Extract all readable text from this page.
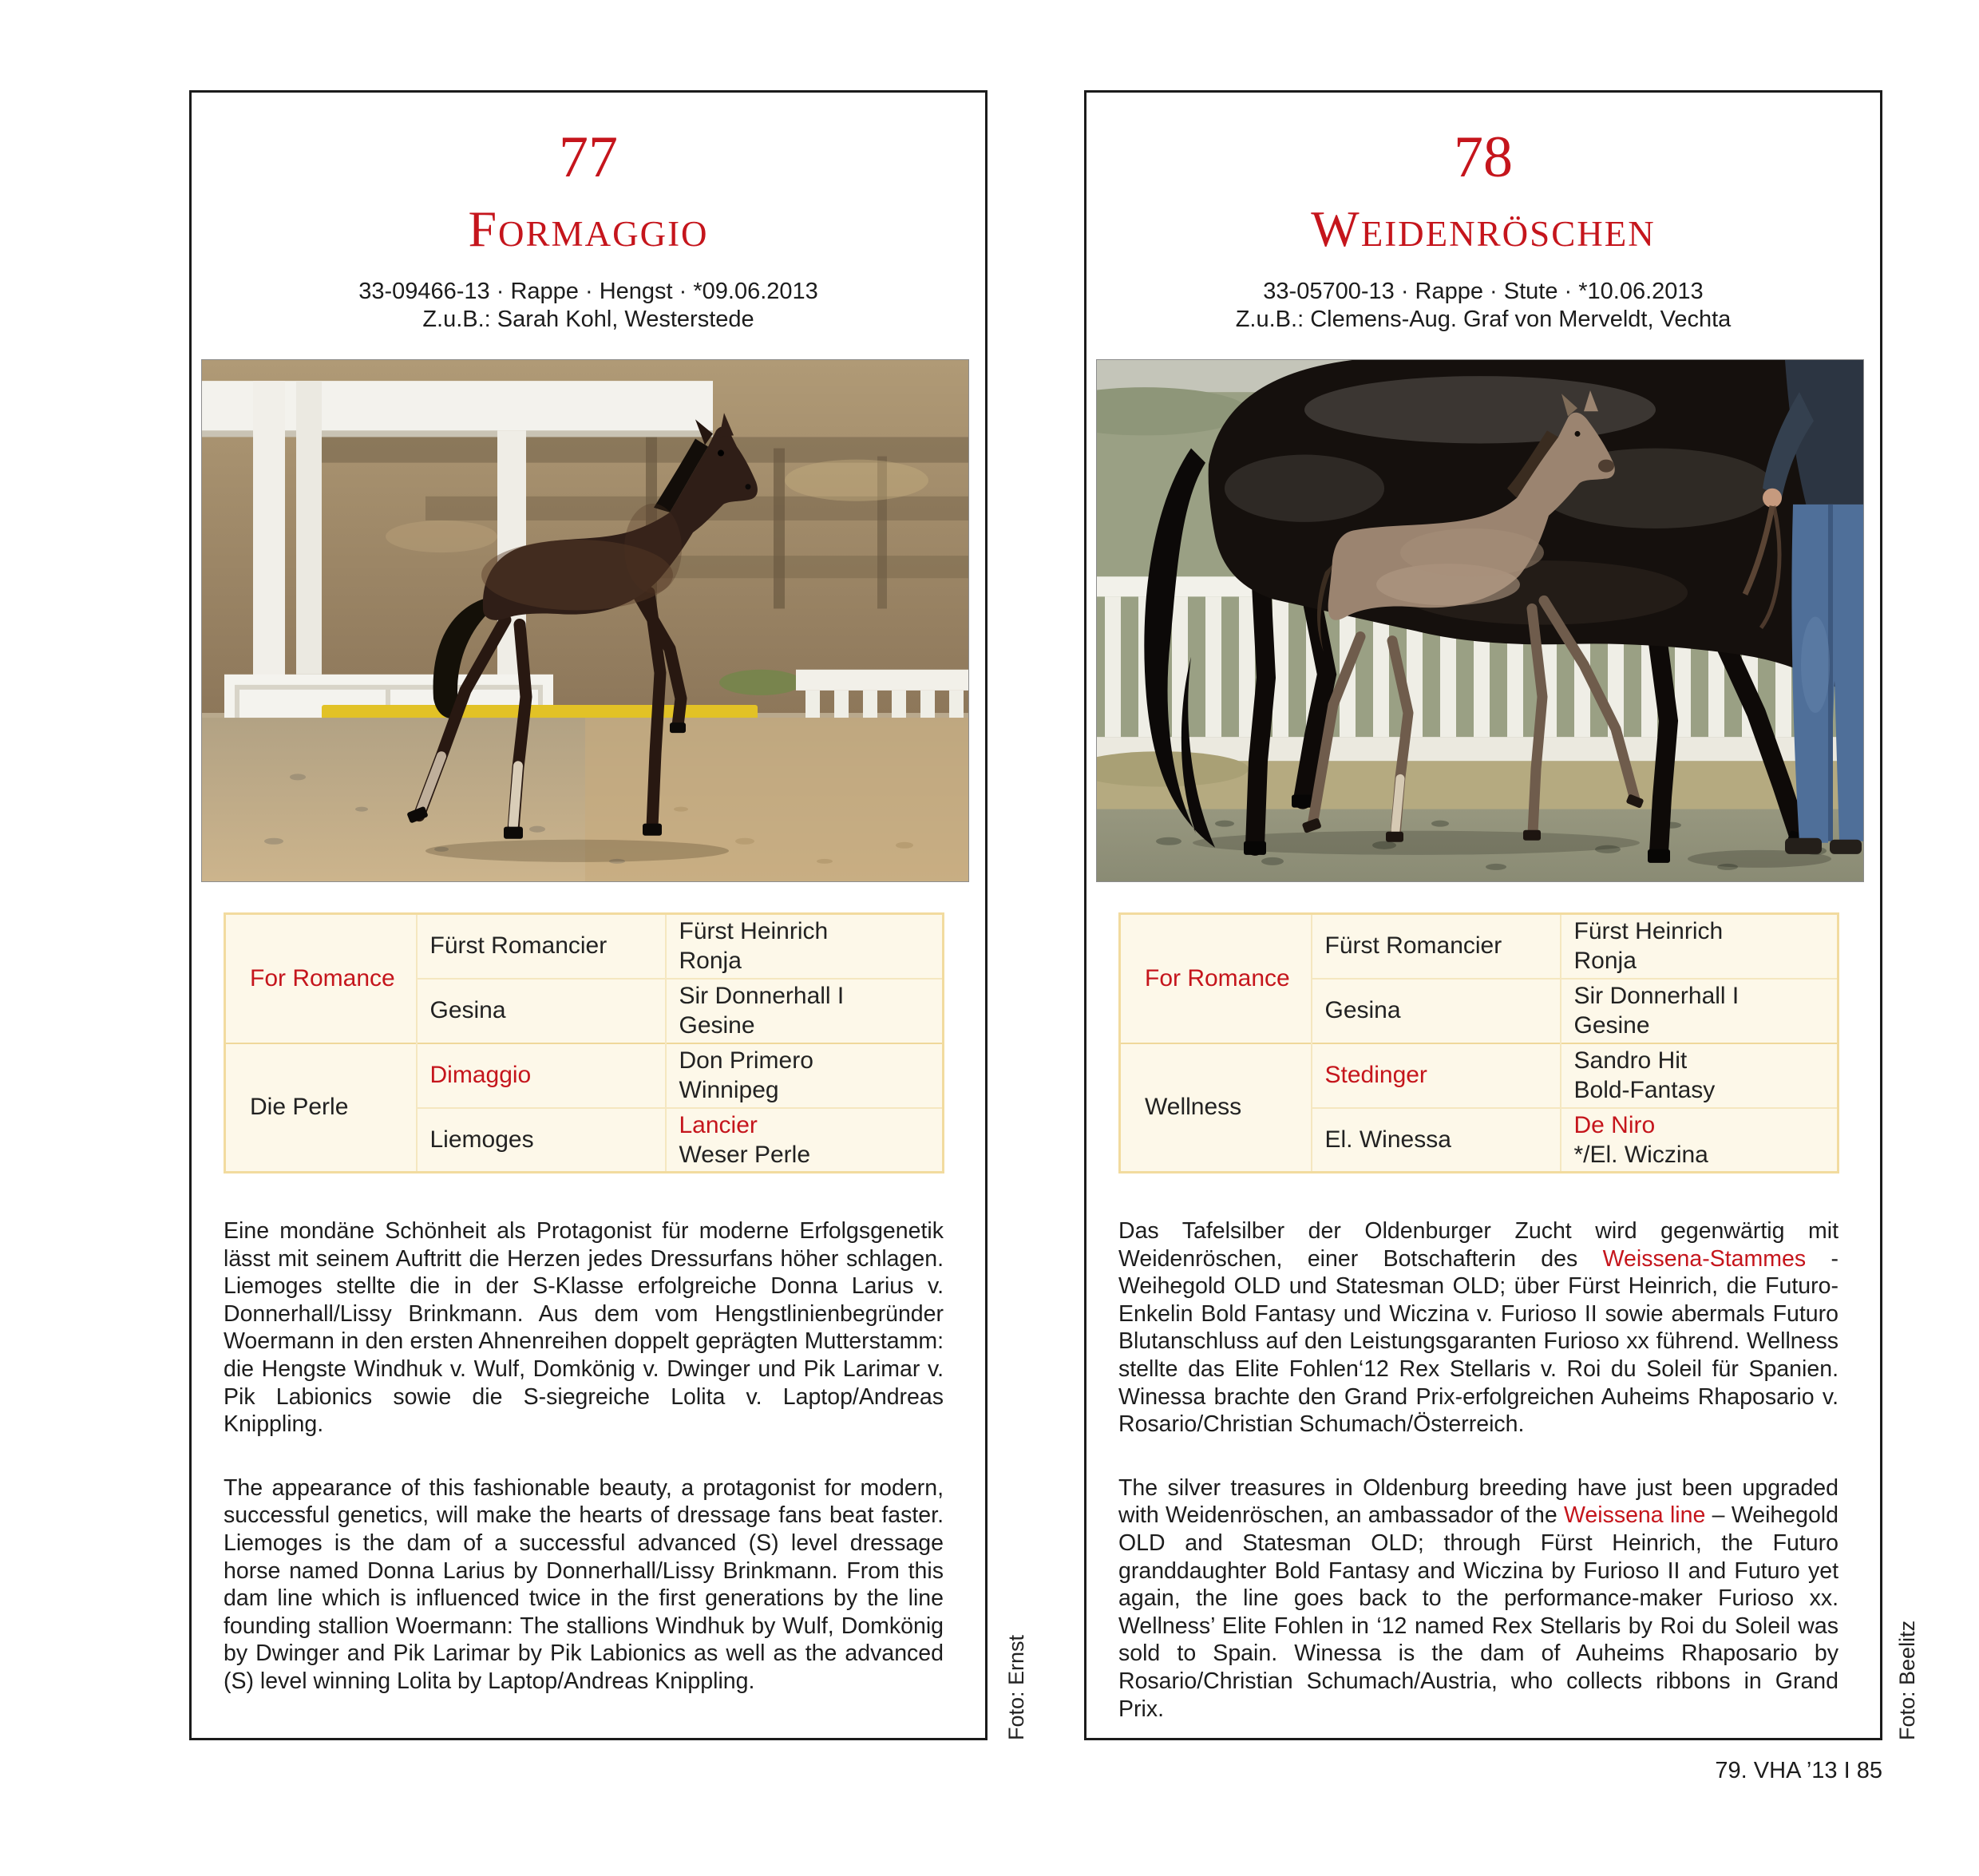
77
Formaggio
33-09466-13 · Rappe · Hengst · *09.06.2013
Z.u.B.: Sarah Kohl, Westerstede
For Romance	Fürst Romancier	Fürst Heinrich
Ronja

	Gesina	Sir Donnerhall I
Gesine

Die Perle	Dimaggio	Don Primero
Winnipeg

	Liemoges	Lancier
Weser Perle

Eine mondäne Schönheit als Protagonist für moderne Erfolgsgenetik lässt mit seinem Auftritt die Herzen jedes Dressurfans höher schlagen. Liemoges stellte die in der S-Klasse erfolgreiche Donna Larius v. Donnerhall/Lissy Brinkmann. Aus dem vom Hengstlinienbegründer Woermann in den ersten Ahnenreihen doppelt geprägten Mutterstamm: die Hengste Windhuk v. Wulf, Domkönig v. Dwinger und Pik Larimar v. Pik Labionics sowie die S-siegreiche Lolita v. Laptop/Andreas Knippling.

The appearance of this fashionable beauty, a protagonist for modern, successful genetics, will make the hearts of dressage fans beat faster. Liemoges is the dam of a successful advanced (S) level dressage horse named Donna Larius by Donnerhall/Lissy Brinkmann. From this dam line which is influenced twice in the first generations by the line founding stallion Woermann: The stallions Windhuk by Wulf, Domkönig by Dwinger and Pik Larimar by Pik Labionics as well as the advanced (S) level winning Lolita by Laptop/Andreas Knippling.

78
Weidenröschen
33-05700-13 · Rappe · Stute · *10.06.2013
Z.u.B.: Clemens-Aug. Graf von Merveldt, Vechta
For Romance	Fürst Romancier	Fürst Heinrich
Ronja

	Gesina	Sir Donnerhall I
Gesine

Wellness	Stedinger	Sandro Hit
Bold-Fantasy

	El. Winessa	De Niro
*/El. Wiczina

Das Tafelsilber der Oldenburger Zucht wird gegenwärtig mit Weidenröschen, einer Botschafterin des Weissena-Stammes - Weihegold OLD und Statesman OLD; über Fürst Heinrich, die Futuro-Enkelin Bold Fantasy und Wiczina v. Furioso II sowie abermals Futuro Blutanschluss auf den Leistungsgaranten Furioso xx führend. Wellness stellte das Elite Fohlen‘12 Rex Stellaris v. Roi du Soleil für Spanien. Winessa brachte den Grand Prix-erfolgreichen Auheims Rhaposario v. Rosario/Christian Schumach/Österreich.

The silver treasures in Oldenburg breeding have just been upgraded with Weidenröschen, an ambassador of the Weissena line – Weihegold OLD and Statesman OLD; through Fürst Heinrich, the Futuro granddaughter Bold Fantasy and Wiczina by Furioso II and Futuro yet again, the line goes back to the performance-maker Furioso xx. Wellness’ Elite Fohlen in ‘12 named Rex Stellaris by Roi du Soleil was sold to Spain. Winessa is the dam of Auheims Rhaposario by Rosario/Christian Schumach/Austria, who collects ribbons in Grand Prix.

Foto: Ernst	Foto: Beelitz
79. VHA ’13 I 85
